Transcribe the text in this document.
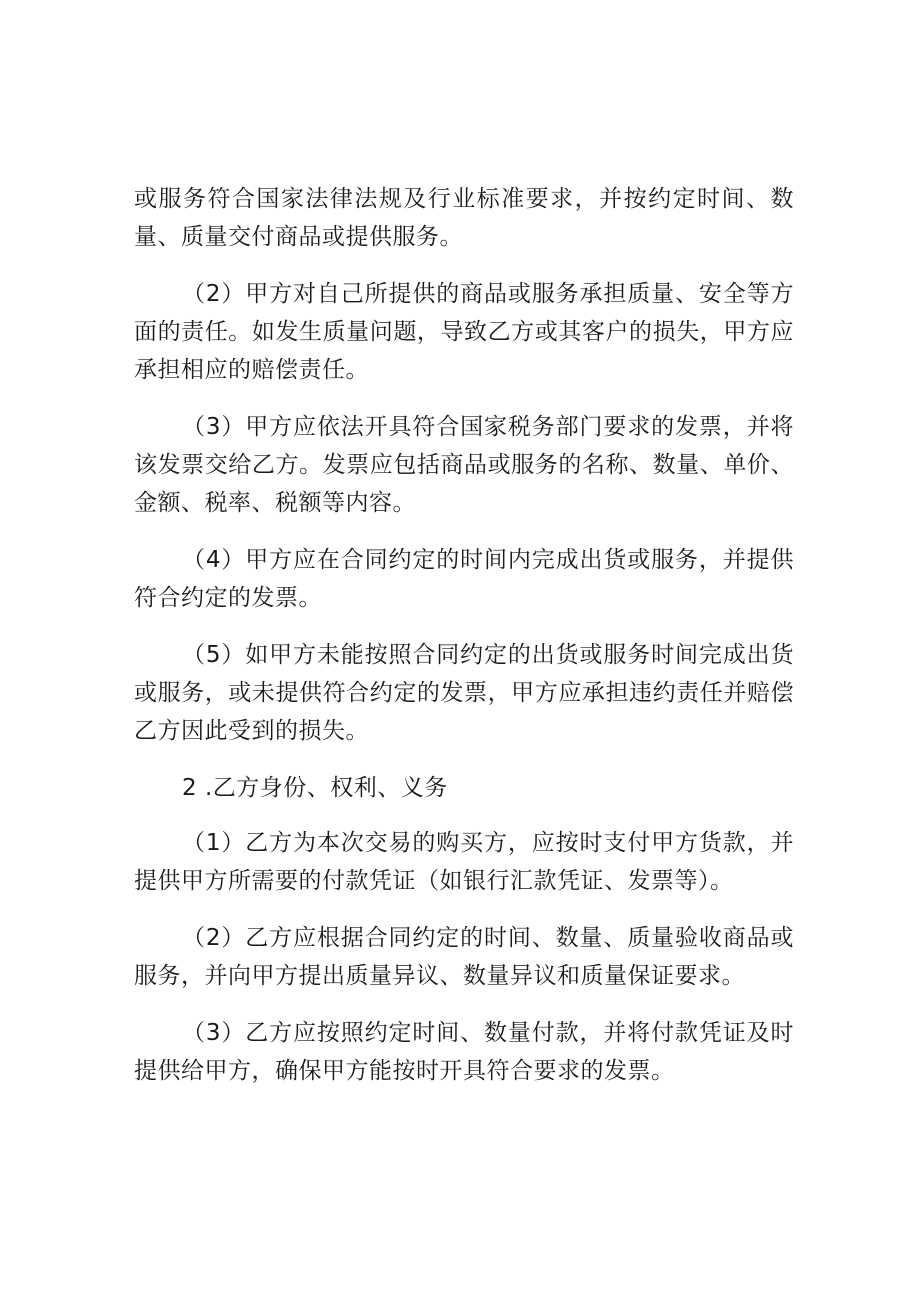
或服务符合国家法律法规及行业标准要求，并按约定时间、数量、质量交付商品或提供服务。

（2）甲方对自己所提供的商品或服务承担质量、安全等方面的责任。如发生质量问题，导致乙方或其客户的损失，甲方应承担相应的赔偿责任。

（3）甲方应依法开具符合国家税务部门要求的发票，并将该发票交给乙方。发票应包括商品或服务的名称、数量、单价、金额、税率、税额等内容。

（4）甲方应在合同约定的时间内完成出货或服务，并提供符合约定的发票。

（5）如甲方未能按照合同约定的出货或服务时间完成出货或服务，或未提供符合约定的发票，甲方应承担违约责任并赔偿乙方因此受到的损失。

2 .乙方身份、权利、义务

（1）乙方为本次交易的购买方，应按时支付甲方货款，并提供甲方所需要的付款凭证（如银行汇款凭证、发票等）。

（2）乙方应根据合同约定的时间、数量、质量验收商品或服务，并向甲方提出质量异议、数量异议和质量保证要求。

（3）乙方应按照约定时间、数量付款，并将付款凭证及时提供给甲方，确保甲方能按时开具符合要求的发票。
